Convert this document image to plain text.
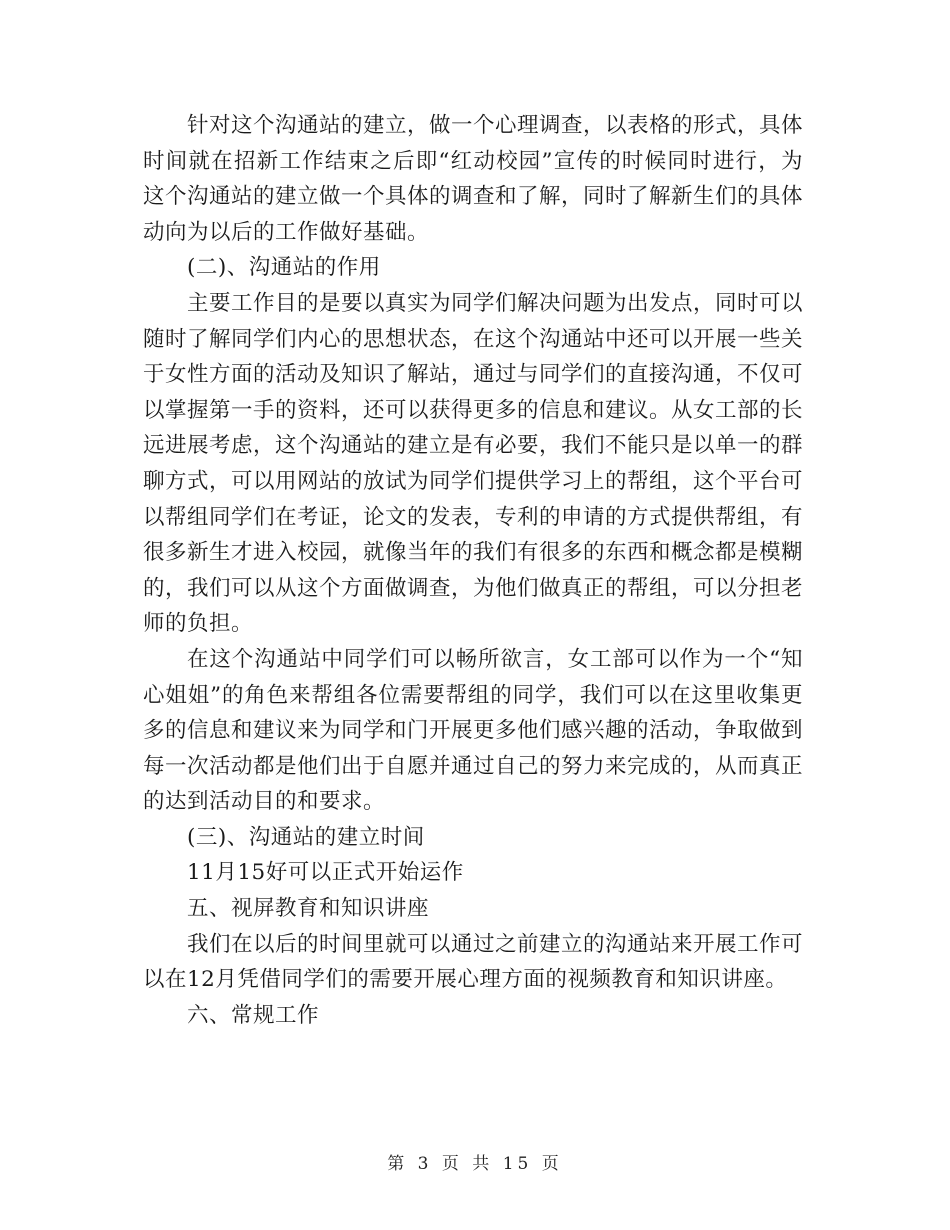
针对这个沟通站的建立，做一个心理调查，以表格的形式，具体时间就在招新工作结束之后即“红动校园”宣传的时候同时进行，为这个沟通站的建立做一个具体的调查和了解，同时了解新生们的具体动向为以后的工作做好基础。

(二)、沟通站的作用

主要工作目的是要以真实为同学们解决问题为出发点，同时可以随时了解同学们内心的思想状态，在这个沟通站中还可以开展一些关于女性方面的活动及知识了解站，通过与同学们的直接沟通，不仅可以掌握第一手的资料，还可以获得更多的信息和建议。从女工部的长远进展考虑，这个沟通站的建立是有必要，我们不能只是以单一的群聊方式，可以用网站的放试为同学们提供学习上的帮组，这个平台可以帮组同学们在考证，论文的发表，专利的申请的方式提供帮组，有很多新生才进入校园，就像当年的我们有很多的东西和概念都是模糊的，我们可以从这个方面做调查，为他们做真正的帮组，可以分担老师的负担。

在这个沟通站中同学们可以畅所欲言，女工部可以作为一个“知心姐姐”的角色来帮组各位需要帮组的同学，我们可以在这里收集更多的信息和建议来为同学和门开展更多他们感兴趣的活动，争取做到每一次活动都是他们出于自愿并通过自己的努力来完成的，从而真正的达到活动目的和要求。

(三)、沟通站的建立时间

11月15好可以正式开始运作

五、视屏教育和知识讲座

我们在以后的时间里就可以通过之前建立的沟通站来开展工作可以在12月凭借同学们的需要开展心理方面的视频教育和知识讲座。

六、常规工作

第 3 页 共 15 页
